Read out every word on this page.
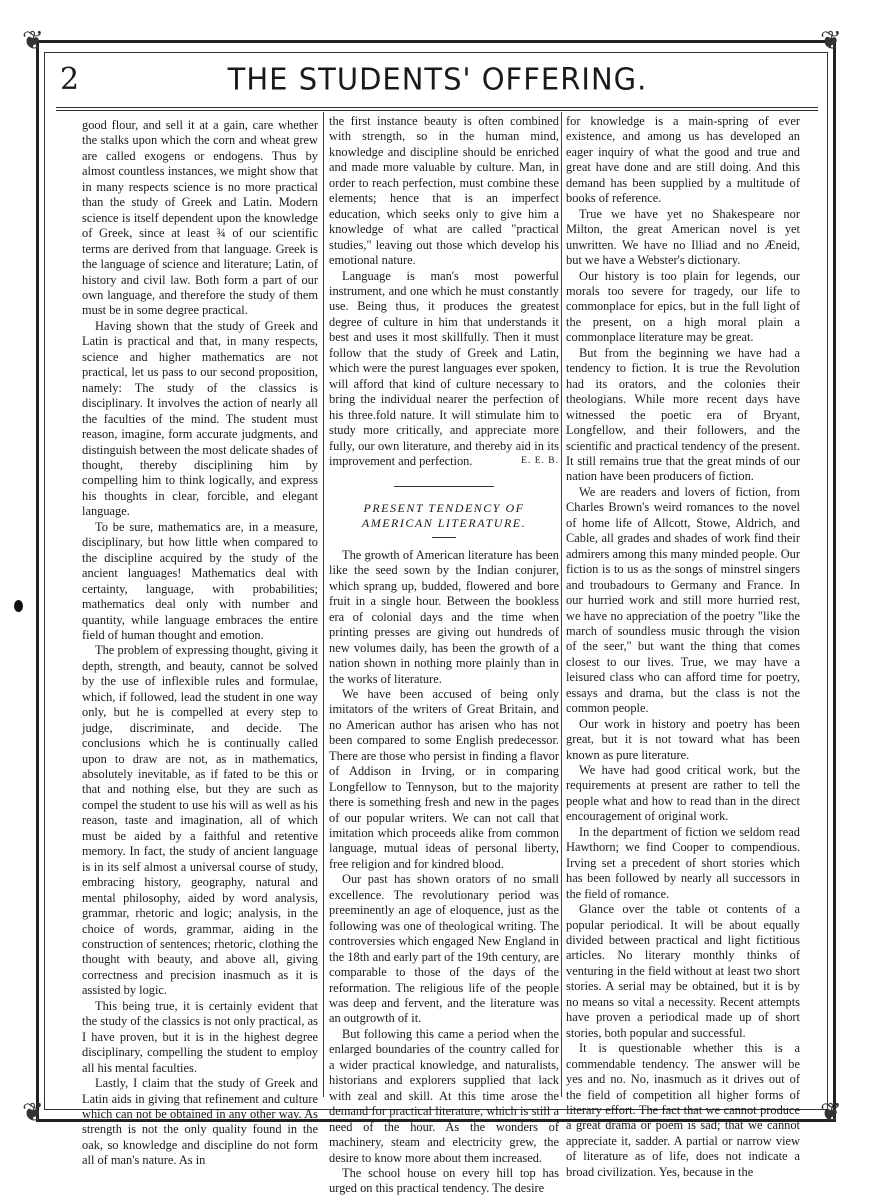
❦	❦
❦	❦
2	THE STUDENTS' OFFERING.

good flour, and sell it at a gain, care whether the stalks upon which the corn and wheat grew are called exogens or endogens. Thus by almost countless instances, we might show that in many respects science is no more practical than the study of Greek and Latin. Modern science is itself dependent upon the knowledge of Greek, since at least ¾ of our scientific terms are derived from that language. Greek is the language of science and literature; Latin, of history and civil law. Both form a part of our own language, and therefore the study of them must be in some degree practical.

Having shown that the study of Greek and Latin is practical and that, in many respects, science and higher mathematics are not practical, let us pass to our second proposition, namely: The study of the classics is disciplinary. It involves the action of nearly all the faculties of the mind. The student must reason, imagine, form accurate judgments, and distinguish between the most delicate shades of thought, thereby disciplining him by compelling him to think logically, and express his thoughts in clear, forcible, and elegant language.

To be sure, mathematics are, in a measure, disciplinary, but how little when compared to the discipline acquired by the study of the ancient languages! Mathematics deal with certainty, language, with probabilities; mathematics deal only with number and quantity, while language embraces the entire field of human thought and emotion.

The problem of expressing thought, giving it depth, strength, and beauty, cannot be solved by the use of inflexible rules and formulae, which, if followed, lead the student in one way only, but he is compelled at every step to judge, discriminate, and decide. The conclusions which he is continually called upon to draw are not, as in mathematics, absolutely inevitable, as if fated to be this or that and nothing else, but they are such as compel the student to use his will as well as his reason, taste and imagination, all of which must be aided by a faithful and retentive memory. In fact, the study of ancient language is in its self almost a universal course of study, embracing history, geography, natural and mental philosophy, aided by word analysis, grammar, rhetoric and logic; analysis, in the choice of words, grammar, aiding in the construction of sentences; rhetoric, clothing the thought with beauty, and above all, giving correctness and precision inasmuch as it is assisted by logic.

This being true, it is certainly evident that the study of the classics is not only practical, as I have proven, but it is in the highest degree disciplinary, compelling the student to employ all his mental faculties.

Lastly, I claim that the study of Greek and Latin aids in giving that refinement and culture which can not be obtained in any other way. As strength is not the only quality found in the oak, so knowledge and discipline do not form all of man's nature. As in

the first instance beauty is often combined with strength, so in the human mind, knowledge and discipline should be enriched and made more valuable by culture. Man, in order to reach perfection, must combine these elements; hence that is an imperfect education, which seeks only to give him a knowledge of what are called "practical studies," leaving out those which develop his emotional nature.

Language is man's most powerful instrument, and one which he must constantly use. Being thus, it produces the greatest degree of culture in him that understands it best and uses it most skillfully. Then it must follow that the study of Greek and Latin, which were the purest languages ever spoken, will afford that kind of culture necessary to bring the individual nearer the perfection of his three.fold nature. It will stimulate him to study more critically, and appreciate more fully, our own literature, and thereby aid in its improvement and perfection.	E. E. B.
PRESENT TENDENCY OF AMERICAN LITERATURE.

The growth of American literature has been like the seed sown by the Indian conjurer, which sprang up, budded, flowered and bore fruit in a single hour. Between the bookless era of colonial days and the time when printing presses are giving out hundreds of new volumes daily, has been the growth of a nation shown in nothing more plainly than in the works of literature.

We have been accused of being only imitators of the writers of Great Britain, and no American author has arisen who has not been compared to some English predecessor. There are those who persist in finding a flavor of Addison in Irving, or in comparing Longfellow to Tennyson, but to the majority there is something fresh and new in the pages of our popular writers. We can not call that imitation which proceeds alike from common language, mutual ideas of personal liberty, free religion and for kindred blood.

Our past has shown orators of no small excellence. The revolutionary period was preeminently an age of eloquence, just as the following was one of theological writing. The controversies which engaged New England in the 18th and early part of the 19th century, are comparable to those of the days of the reformation. The religious life of the people was deep and fervent, and the literature was an outgrowth of it.

But following this came a period when the enlarged boundaries of the country called for a wider practical knowledge, and naturalists, historians and explorers supplied that lack with zeal and skill. At this time arose the demand for practical literature, which is still a need of the hour. As the wonders of machinery, steam and electricity grew, the desire to know more about them increased.

The school house on every hill top has urged on this practical tendency. The desire

for knowledge is a main-spring of ever existence, and among us has developed an eager inquiry of what the good and true and great have done and are still doing. And this demand has been supplied by a multitude of books of reference.

True we have yet no Shakespeare nor Milton, the great American novel is yet unwritten. We have no Illiad and no Æneid, but we have a Webster's dictionary.

Our history is too plain for legends, our morals too severe for tragedy, our life to commonplace for epics, but in the full light of the present, on a high moral plain a commonplace literature may be great.

But from the beginning we have had a tendency to fiction. It is true the Revolution had its orators, and the colonies their theologians. While more recent days have witnessed the poetic era of Bryant, Longfellow, and their followers, and the scientific and practical tendency of the present. It still remains true that the great minds of our nation have been producers of fiction.

We are readers and lovers of fiction, from Charles Brown's weird romances to the novel of home life of Allcott, Stowe, Aldrich, and Cable, all grades and shades of work find their admirers among this many minded people. Our fiction is to us as the songs of minstrel singers and troubadours to Germany and France. In our hurried work and still more hurried rest, we have no appreciation of the poetry "like the march of soundless music through the vision of the seer," but want the thing that comes closest to our lives. True, we may have a leisured class who can afford time for poetry, essays and drama, but the class is not the common people.

Our work in history and poetry has been great, but it is not toward what has been known as pure literature.

We have had good critical work, but the requirements at present are rather to tell the people what and how to read than in the direct encouragement of original work.

In the department of fiction we seldom read Hawthorn; we find Cooper to compendious. Irving set a precedent of short stories which has been followed by nearly all successors in the field of romance.

Glance over the table ot contents of a popular periodical. It will be about equally divided between practical and light fictitious articles. No literary monthly thinks of venturing in the field without at least two short stories. A serial may be obtained, but it is by no means so vital a necessity. Recent attempts have proven a periodical made up of short stories, both popular and successful.

It is questionable whether this is a commendable tendency. The answer will be yes and no. No, inasmuch as it drives out of the field of competition all higher forms of literary effort. The fact that we cannot produce a great drama or poem is sad; that we cannot appreciate it, sadder. A partial or narrow view of literature as of life, does not indicate a broad civilization. Yes, because in the
